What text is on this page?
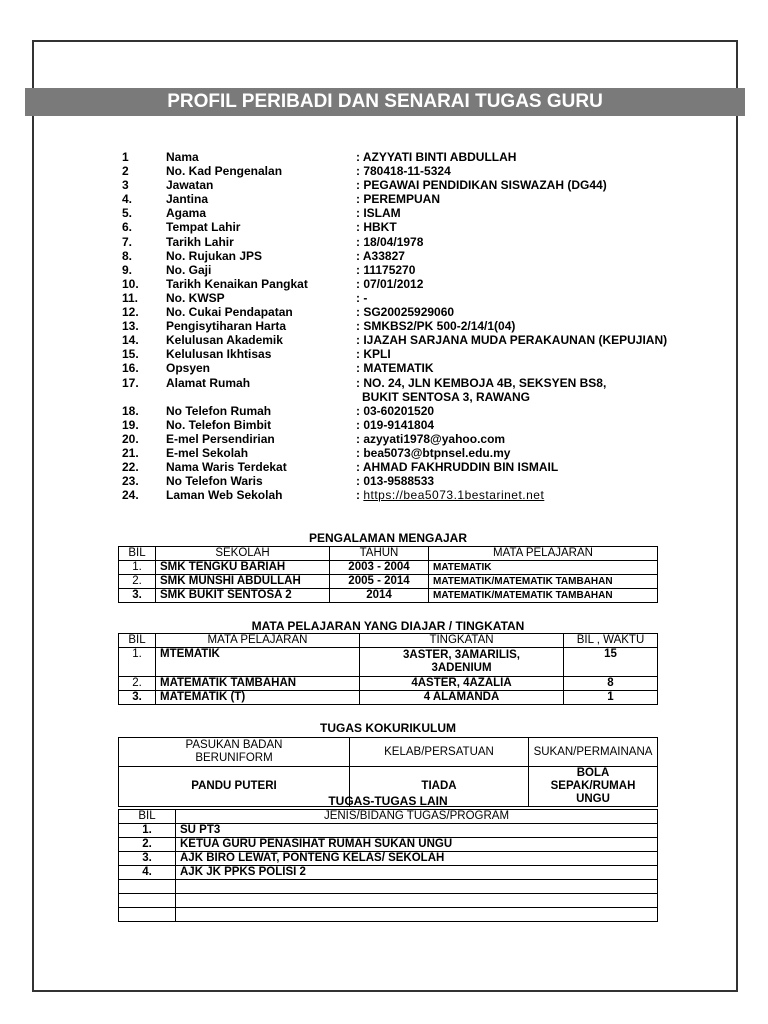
PROFIL PERIBADI DAN SENARAI TUGAS GURU
1	Nama	: AZYYATI BINTI ABDULLAH
2	No. Kad Pengenalan	: 780418-11-5324
3	Jawatan	: PEGAWAI PENDIDIKAN SISWAZAH (DG44)
4.	Jantina	: PEREMPUAN
5.	Agama	: ISLAM
6.	Tempat Lahir	: HBKT
7.	Tarikh Lahir	: 18/04/1978
8.	No. Rujukan JPS	: A33827
9.	No. Gaji	: 11175270
10.	Tarikh Kenaikan Pangkat	: 07/01/2012
11.	No. KWSP	: -
12.	No. Cukai Pendapatan	: SG20025929060
13.	Pengisytiharan Harta	: SMKBS2/PK 500-2/14/1(04)
14.	Kelulusan Akademik	: IJAZAH SARJANA MUDA PERAKAUNAN (KEPUJIAN)
15.	Kelulusan Ikhtisas	: KPLI
16.	Opsyen	: MATEMATIK
17.	Alamat Rumah	: NO. 24, JLN KEMBOJA 4B, SEKSYEN BS8,
BUKIT SENTOSA 3, RAWANG
18.	No Telefon Rumah	: 03-60201520
19.	No. Telefon Bimbit	: 019-9141804
20.	E-mel Persendirian	: azyyati1978@yahoo.com
21.	E-mel Sekolah	: bea5073@btpnsel.edu.my
22.	Nama Waris Terdekat	: AHMAD FAKHRUDDIN BIN ISMAIL
23.	No Telefon Waris	: 013-9588533
24.	Laman Web Sekolah	: https://bea5073.1bestarinet.net
PENGALAMAN MENGAJAR
BIL	SEKOLAH	TAHUN	MATA PELAJARAN
1.	SMK TENGKU BARIAH	2003 - 2004	MATEMATIK
2.	SMK MUNSHI ABDULLAH	2005 - 2014	MATEMATIK/MATEMATIK TAMBAHAN
3.	SMK BUKIT SENTOSA 2	2014	MATEMATIK/MATEMATIK TAMBAHAN
MATA PELAJARAN YANG DIAJAR / TINGKATAN
BIL	MATA PELAJARAN	TINGKATAN	BIL , WAKTU
1.	MTEMATIK	3ASTER, 3AMARILIS, 3ADENIUM	15
2.	MATEMATIK TAMBAHAN	4ASTER, 4AZALIA	8
3.	MATEMATIK (T)	4 ALAMANDA	1
TUGAS KOKURIKULUM
PASUKAN BADAN BERUNIFORM	KELAB/PERSATUAN	SUKAN/PERMAINANA
PANDU PUTERI	TIADA	BOLA SEPAK/RUMAH UNGU
TUGAS-TUGAS LAIN
BIL	JENIS/BIDANG TUGAS/PROGRAM
1.	SU PT3
2.	KETUA GURU PENASIHAT RUMAH SUKAN UNGU
3.	AJK BIRO LEWAT, PONTENG KELAS/ SEKOLAH
4.	AJK JK PPKS POLISI 2
